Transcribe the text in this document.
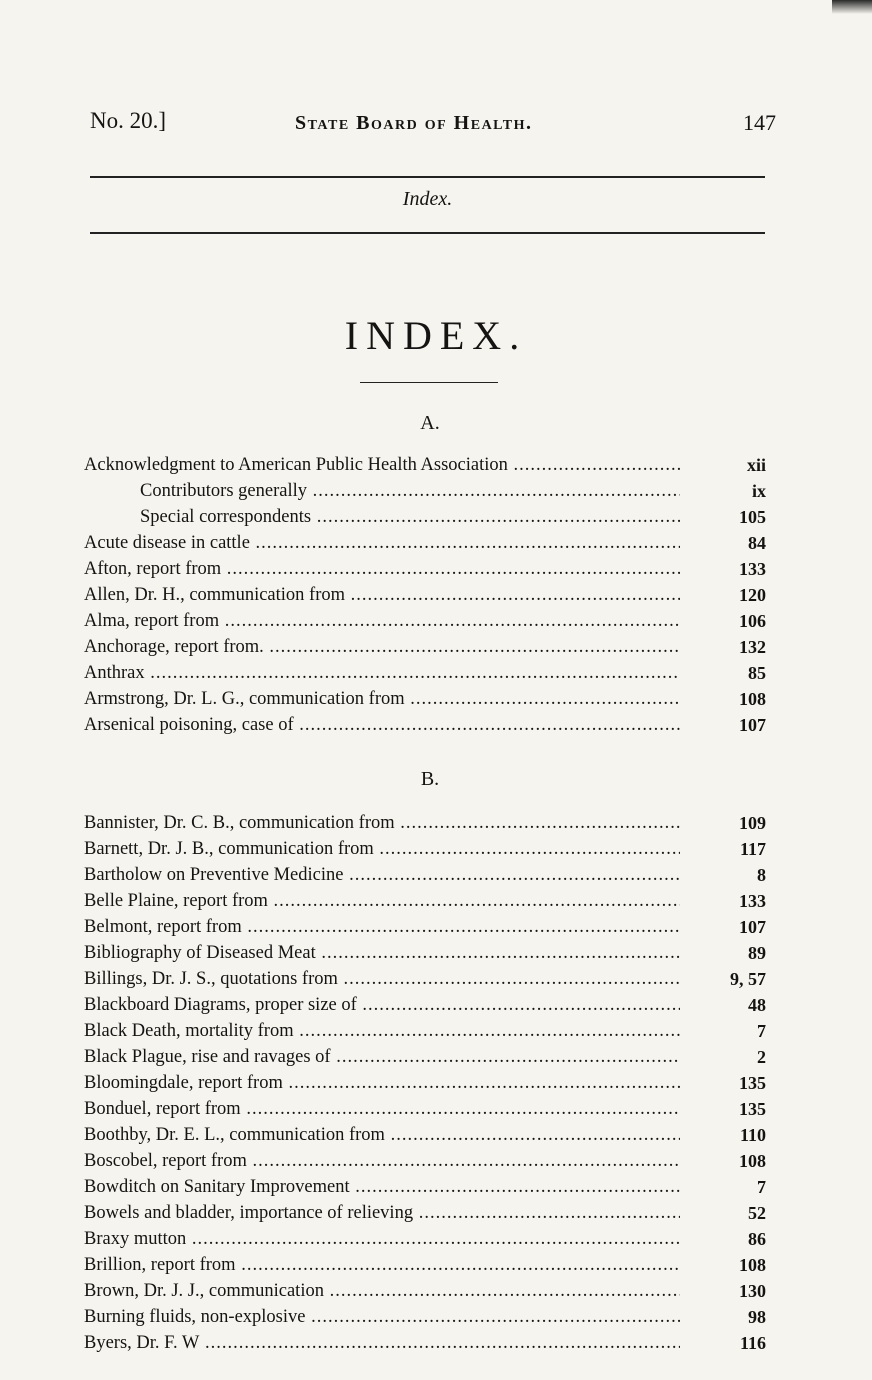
No. 20.]	State Board of Health.	147
Index.
INDEX.
A.
Acknowledgment to American Public Health Association .....	xii
Contributors generally .....	ix
Special correspondents .....	105
Acute disease in cattle .....	84
Afton, report from .....	133
Allen, Dr. H., communication from .....	120
Alma, report from .....	106
Anchorage, report from. .....	132
Anthrax .....	85
Armstrong, Dr. L. G., communication from .....	108
Arsenical poisoning, case of .....	107
B.
Bannister, Dr. C. B., communication from .....	109
Barnett, Dr. J. B., communication from .....	117
Bartholow on Preventive Medicine .....	8
Belle Plaine, report from .....	133
Belmont, report from .....	107
Bibliography of Diseased Meat .....	89
Billings, Dr. J. S., quotations from .....	9, 57
Blackboard Diagrams, proper size of .....	48
Black Death, mortality from .....	7
Black Plague, rise and ravages of .....	2
Bloomingdale, report from .....	135
Bonduel, report from .....	135
Boothby, Dr. E. L., communication from .....	110
Boscobel, report from .....	108
Bowditch on Sanitary Improvement .....	7
Bowels and bladder, importance of relieving .....	52
Braxy mutton .....	86
Brillion, report from .....	108
Brown, Dr. J. J., communication .....	130
Burning fluids, non-explosive .....	98
Byers, Dr. F. W .....	116
